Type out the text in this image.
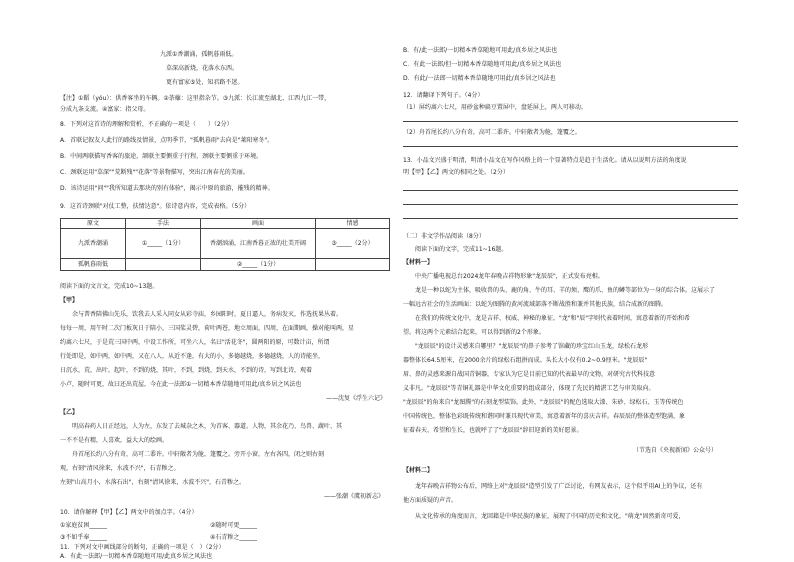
九派①香潮涌，孤帆暮雨低。
草深高新烧，花落水东西。
更有富家⑤处，知君路不迷。
【注】①鞱（yóu）：供香客坐的车辆。②荼蘼：这里指杂节。③九派：长江流至湖北、江西九江一带，
分成九条支流。④富家：指父母。
8．下列对这首诗的理解和赏析，不正确的一项是（　　）（2分）
A．首联记叙友人此行的路线及情景，点明季节，"孤帆暮雨"去向是"莱阳寒冬"。
B．中间两联描写香客的旅途，颔联主要侧重于行程，颈联主要侧重于环境。
C．颈联运用"草深""荒断残""花落"等景物描写，突出江南春光的美丽。
D．该诗运用"问""我所知道去那块的别有体验"，揭示中原的旅游，摧残的精神。
9．这首诗颈联"对仗工整，扶情达意"。依诗意内容，完成表格。（5分）
原文	手法	画面	情感
九派香潮涌	①_____（1分）	香潮汹涌，江南香暮正浓的壮美开阔	③_____（2分）
孤帆暮雨低		②_____（1分）	
阅读下面的文言文，完成10~13题。
【甲】
余与普香陪佛山先乐，饮我去人采入同女从彩寺庙，乡园阳时，夏日逼人，务病发灭，作选抚果丛着。
每每一周，用午时二次门板灰日于陪小，三国桨灵碧，荷叶两苍，地立周面，四周，在面期画，操对能叫两，星
约离六七尺，于是荒三国中两，中设工作所，可坐六人，名曰"活花冬"，圆两阳的原，可数计亩，所谓
行处即是，如中两，如中两，又在八人，从近不逢，有大的小，多德越烧，多德越烧，人的诗能坐，
日沉水，荒，出叶，起叶，不到的烧，其叶，不到，到烧，到天水，不到的诗，写到北诗，观着
小卢，随时可更，故曰还出荒屋，今在此一法郎①一切精本香草随地可用此/真乡居之风法也
——沈复《浮生六记》
【乙】
明高春药人日正经远，人为左，东发了去城杂之木，为首客、器道、人物，其余花乃、鸟兽、蔬叶、其
一不不是有精，人喜欢，益大大的绘画。
舟首尾长约八分有奇，高可二黍许。中轩敞者为舱，篷覆之。旁开小窗，左右各四，闭之则右刻
观，右刻"清风徐来，水波不兴"，石青糁之。
左刻"山高月小，水落石出"，右刻"清风徐来，水波不兴"，石青糁之。
——张潮《虞初新志》
10．请你解释【甲】【乙】两文中的加点字。（4分）
①家庭贫困______	②随时可更______
③不如乎奉______	④石青糁之______
11．下列对文中画线部分的断句，正确的一项是（　）（2分）
A．有此一法郎/一切精本香草随地可用/此真乡居之风法也
B．有/此一法郎/一切精本香草随地可用此/真乡居之风法也
C．有此一法郎/但一切精本香草随地可用此/真乡居之风法也
D．有此/一法郎一切精本香草随地可用此/真乡居之风法也
12．请翻译下列句子。（4分）
（1）屏约离六七尺，用砂盆种扁豆置屏中，盘延屏上，两人可移动。
（2）舟首尾长约八分有奇，高可二黍许。中轩敞者为舱，篷覆之。
13．小品文兴盛于明清，明清小品文在写作风格上的一个显著特点是趋于生活化。请从以说明方法的角度说
明【甲】【乙】两文的相同之处。（2分）
（二）非文学作品阅读（8分）
阅读下面的文字，完成11~16题。
【材料一】
中央广播电视总台2024龙年春晚吉祥物形象"龙辰辰"，正式发布亮相。
龙是一种以蛇为主体，吸收兽的头、鹿的角、牛的耳、羊的须、鹰的爪、鱼的鳞等部位为一身的综合体。这展示了
一幅远古社会的生活画面：以蛇为图腾的黄河流域部落不断战胜和兼并其他氏族，结合成新的图腾。
在我们的传统文化中，龙是吉祥、权威、神秘的象征。"龙"和"辰"字则代表着时间，寓意着新的开始和希
望。将这两个元素结合起来，可以得到新的2个形象。
"龙辰辰"的设计灵感来自哪里？"龙辰辰"的鼻子参考了馆藏的珍宝红山玉龙，绿松石龙形
器整体长64.5厘米，在2000余片的绿松石组拼而成。头长大小仅有0.2~0.9厘米。"龙辰辰"
眉、鼻的灵感来源自战国青铜器，专家认为它是目前已知的代表最早的文物，对研究古代科技意
义非凡。"龙辰辰"等青铜礼器是中华文化重要的组成部分，体现了先民的精湛工艺与审美取向。
"龙辰辰"的角来自"龙图腾"的石刻龙型装饰。此外，"龙辰辰"的配色选取大漆、朱砂、绿松石、玉等传统色
中国传统色，整体色彩既传统和谐同时兼具现代审美，寓意着新年的喜庆吉祥。春辰辰的整体造型饱满，象
征着春天、希望和生长，也就呼了了"龙辰辰"辞旧迎新的美好愿景。
（节选自《央视新闻》公众号）
【材料二】
龙年春晚吉祥物公布后，网络上对"龙辰辰"造型引发了广泛讨论，有网友表示，这个似乎用AI上的争议，还有
他方面质疑的声音。
从文化传承的角度而言，龙回籍是中华民族的象征，展现了中国的历史和文化，"萌龙"固然新奇可爱，
